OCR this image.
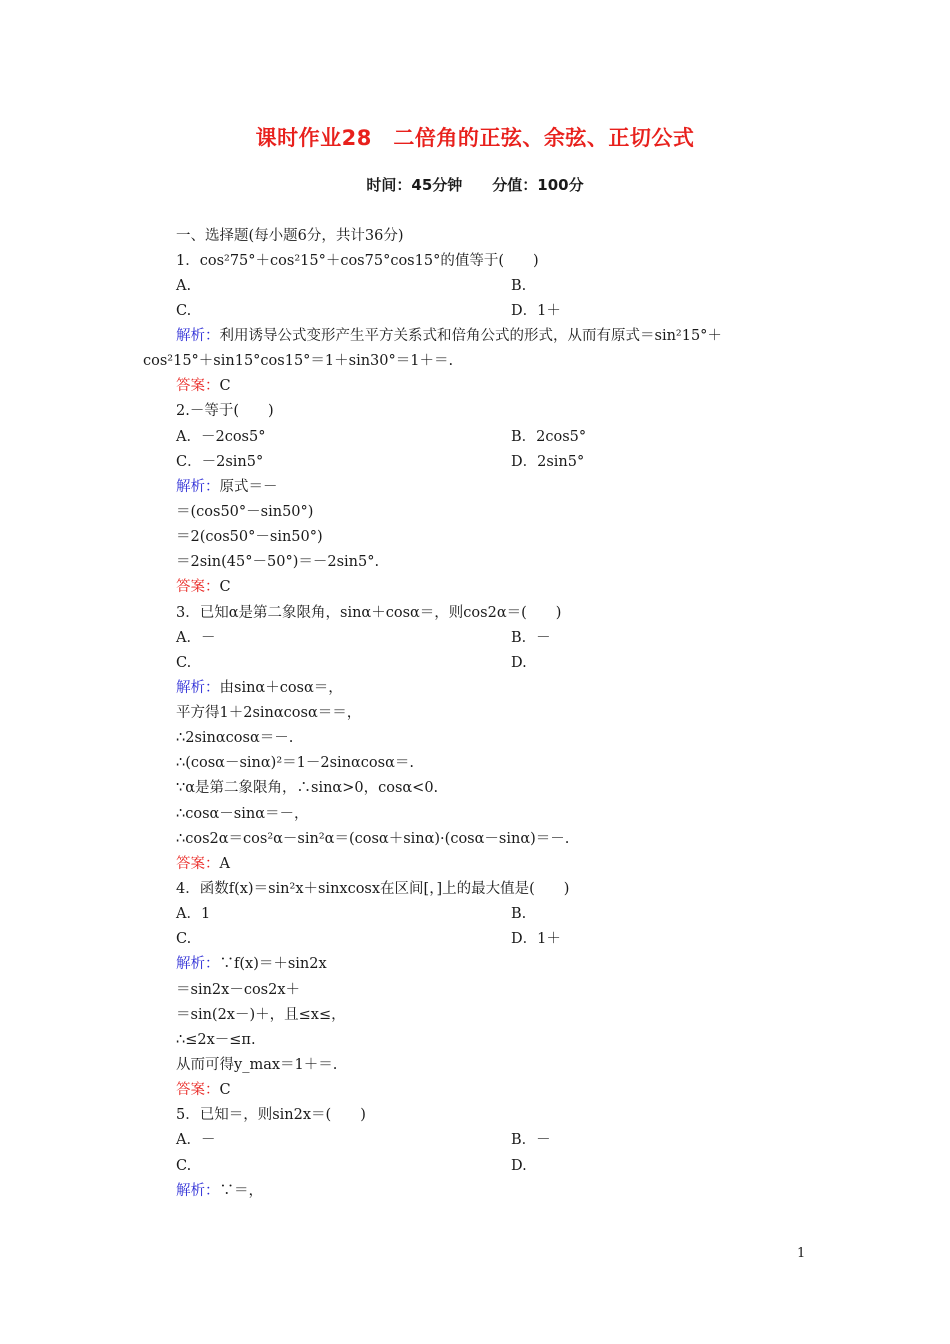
课时作业28　二倍角的正弦、余弦、正切公式
时间：45分钟　　分值：100分
一、选择题(每小题6分，共计36分)
1．cos²75°＋cos²15°＋cos75°cos15°的值等于(　　)
A.	B.
C.	D．1＋
解析：利用诱导公式变形产生平方关系式和倍角公式的形式，从而有原式＝sin²15°＋
cos²15°＋sin15°cos15°＝1＋sin30°＝1＋＝.
答案：C
2.－等于(　　)
A．－2cos5°	B．2cos5°
C．－2sin5°	D．2sin5°
解析：原式＝－
＝(cos50°－sin50°)
＝2(cos50°－sin50°)
＝2sin(45°－50°)＝－2sin5°.
答案：C
3．已知α是第二象限角，sinα＋cosα＝，则cos2α＝(　　)
A．－	B．－
C.	D.
解析：由sinα＋cosα＝，
平方得1＋2sinαcosα＝＝，
∴2sinαcosα＝－.
∴(cosα－sinα)²＝1－2sinαcosα＝.
∵α是第二象限角，∴sinα>0，cosα<0.
∴cosα－sinα＝－，
∴cos2α＝cos²α－sin²α＝(cosα＋sinα)·(cosα－sinα)＝－.
答案：A
4．函数f(x)＝sin²x＋sinxcosx在区间[，]上的最大值是(　　)
A．1	B.
C.	D．1＋
解析：∵f(x)＝＋sin2x
＝sin2x－cos2x＋
＝sin(2x－)＋，且≤x≤，
∴≤2x－≤π.
从而可得y_max＝1＋＝.
答案：C
5．已知＝，则sin2x＝(　　)
A．－	B．－
C.	D.
解析：∵＝，
1
